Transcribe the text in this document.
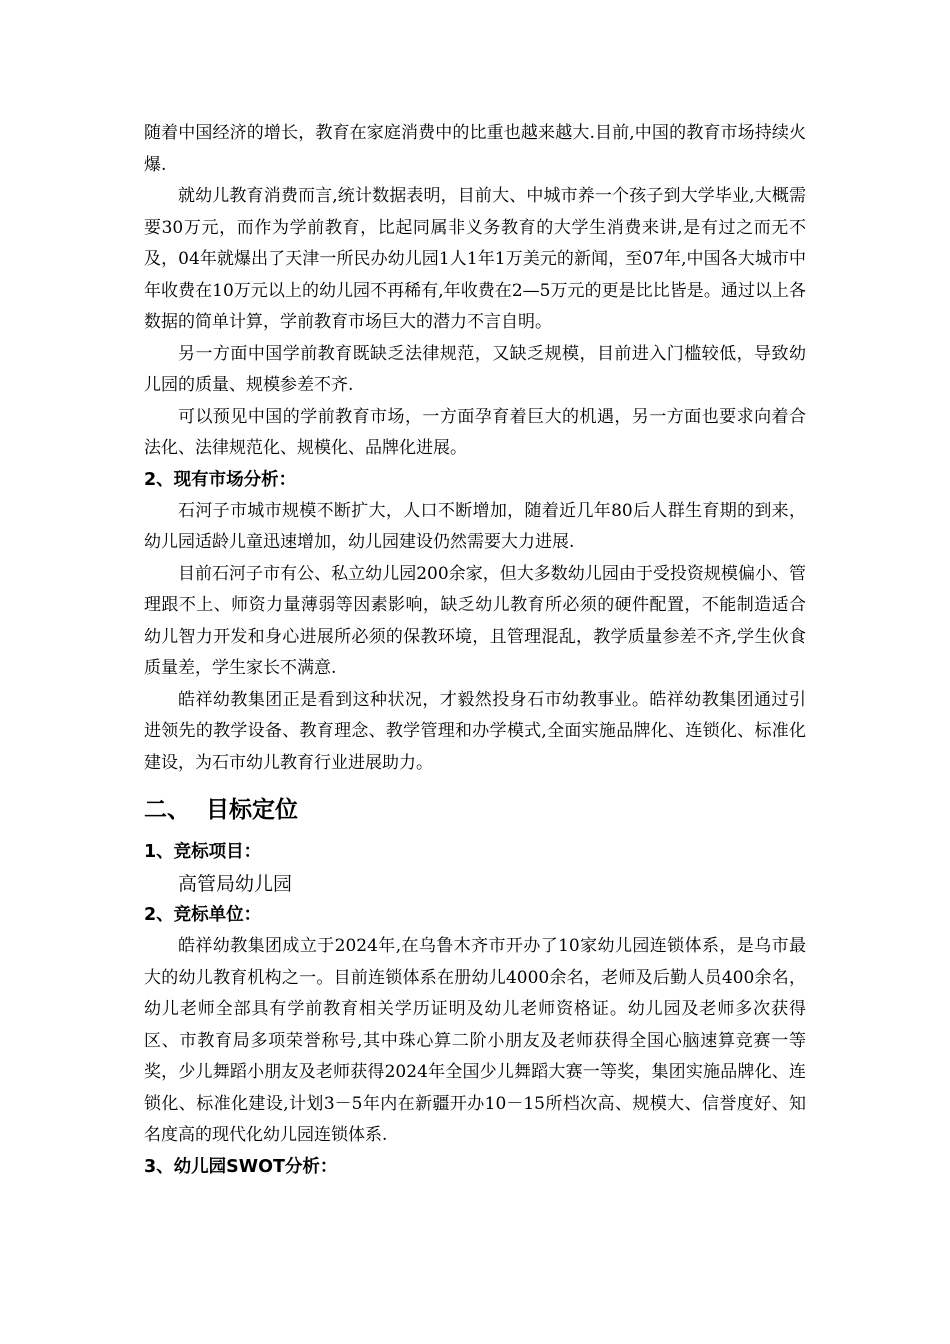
随着中国经济的增长，教育在家庭消费中的比重也越来越大.目前,中国的教育市场持续火爆.

就幼儿教育消费而言,统计数据表明，目前大、中城市养一个孩子到大学毕业,大概需要30万元，而作为学前教育，比起同属非义务教育的大学生消费来讲,是有过之而无不及，04年就爆出了天津一所民办幼儿园1人1年1万美元的新闻，至07年,中国各大城市中年收费在10万元以上的幼儿园不再稀有,年收费在2—5万元的更是比比皆是。通过以上各数据的简单计算，学前教育市场巨大的潜力不言自明。

另一方面中国学前教育既缺乏法律规范，又缺乏规模，目前进入门槛较低，导致幼儿园的质量、规模参差不齐.

可以预见中国的学前教育市场，一方面孕育着巨大的机遇，另一方面也要求向着合法化、法律规范化、规模化、品牌化进展。

2、现有市场分析：

石河子市城市规模不断扩大，人口不断增加，随着近几年80后人群生育期的到来，幼儿园适龄儿童迅速增加，幼儿园建设仍然需要大力进展.

目前石河子市有公、私立幼儿园200余家，但大多数幼儿园由于受投资规模偏小、管理跟不上、师资力量薄弱等因素影响，缺乏幼儿教育所必须的硬件配置，不能制造适合幼儿智力开发和身心进展所必须的保教环境，且管理混乱，教学质量参差不齐,学生伙食质量差，学生家长不满意.

皓祥幼教集团正是看到这种状况，才毅然投身石市幼教事业。皓祥幼教集团通过引进领先的教学设备、教育理念、教学管理和办学模式,全面实施品牌化、连锁化、标准化建设，为石市幼儿教育行业进展助力。

二、 目标定位

1、竞标项目：

高管局幼儿园

2、竞标单位：

皓祥幼教集团成立于2024年,在乌鲁木齐市开办了10家幼儿园连锁体系，是乌市最大的幼儿教育机构之一。目前连锁体系在册幼儿4000余名，老师及后勤人员400余名，幼儿老师全部具有学前教育相关学历证明及幼儿老师资格证。幼儿园及老师多次获得区、市教育局多项荣誉称号,其中珠心算二阶小朋友及老师获得全国心脑速算竞赛一等奖，少儿舞蹈小朋友及老师获得2024年全国少儿舞蹈大赛一等奖，集团实施品牌化、连锁化、标准化建设,计划3－5年内在新疆开办10－15所档次高、规模大、信誉度好、知名度高的现代化幼儿园连锁体系.

3、幼儿园SWOT分析：
